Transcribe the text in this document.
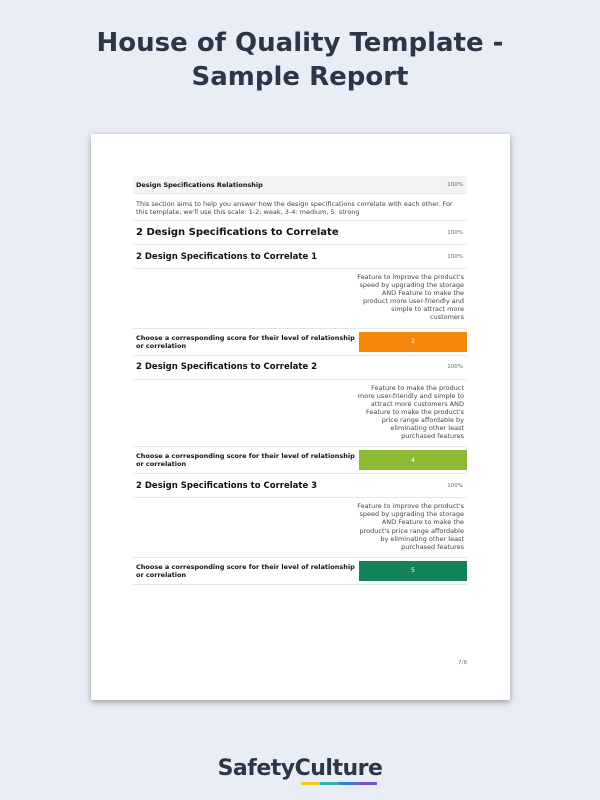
House of Quality Template -
Sample Report
Design Specifications Relationship	100%
This section aims to help you answer how the design specifications correlate with each other. For this template, we'll use this scale: 1-2: weak, 3-4: medium, 5: strong
2 Design Specifications to Correlate	100%
2 Design Specifications to Correlate 1	100%
Feature to improve the product's speed by upgrading the storage AND Feature to make the product more user-friendly and simple to attract more customers
Choose a corresponding score for their level of relationship or correlation	2
2 Design Specifications to Correlate 2	100%
Feature to make the product more user-friendly and simple to attract more customers AND Feature to make the product's price range affordable by eliminating other least purchased features
Choose a corresponding score for their level of relationship or correlation	4
2 Design Specifications to Correlate 3	100%
Feature to improve the product's speed by upgrading the storage AND Feature to make the product's price range affordable by eliminating other least purchased features
Choose a corresponding score for their level of relationship or correlation	5
7/8
SafetyCulture
